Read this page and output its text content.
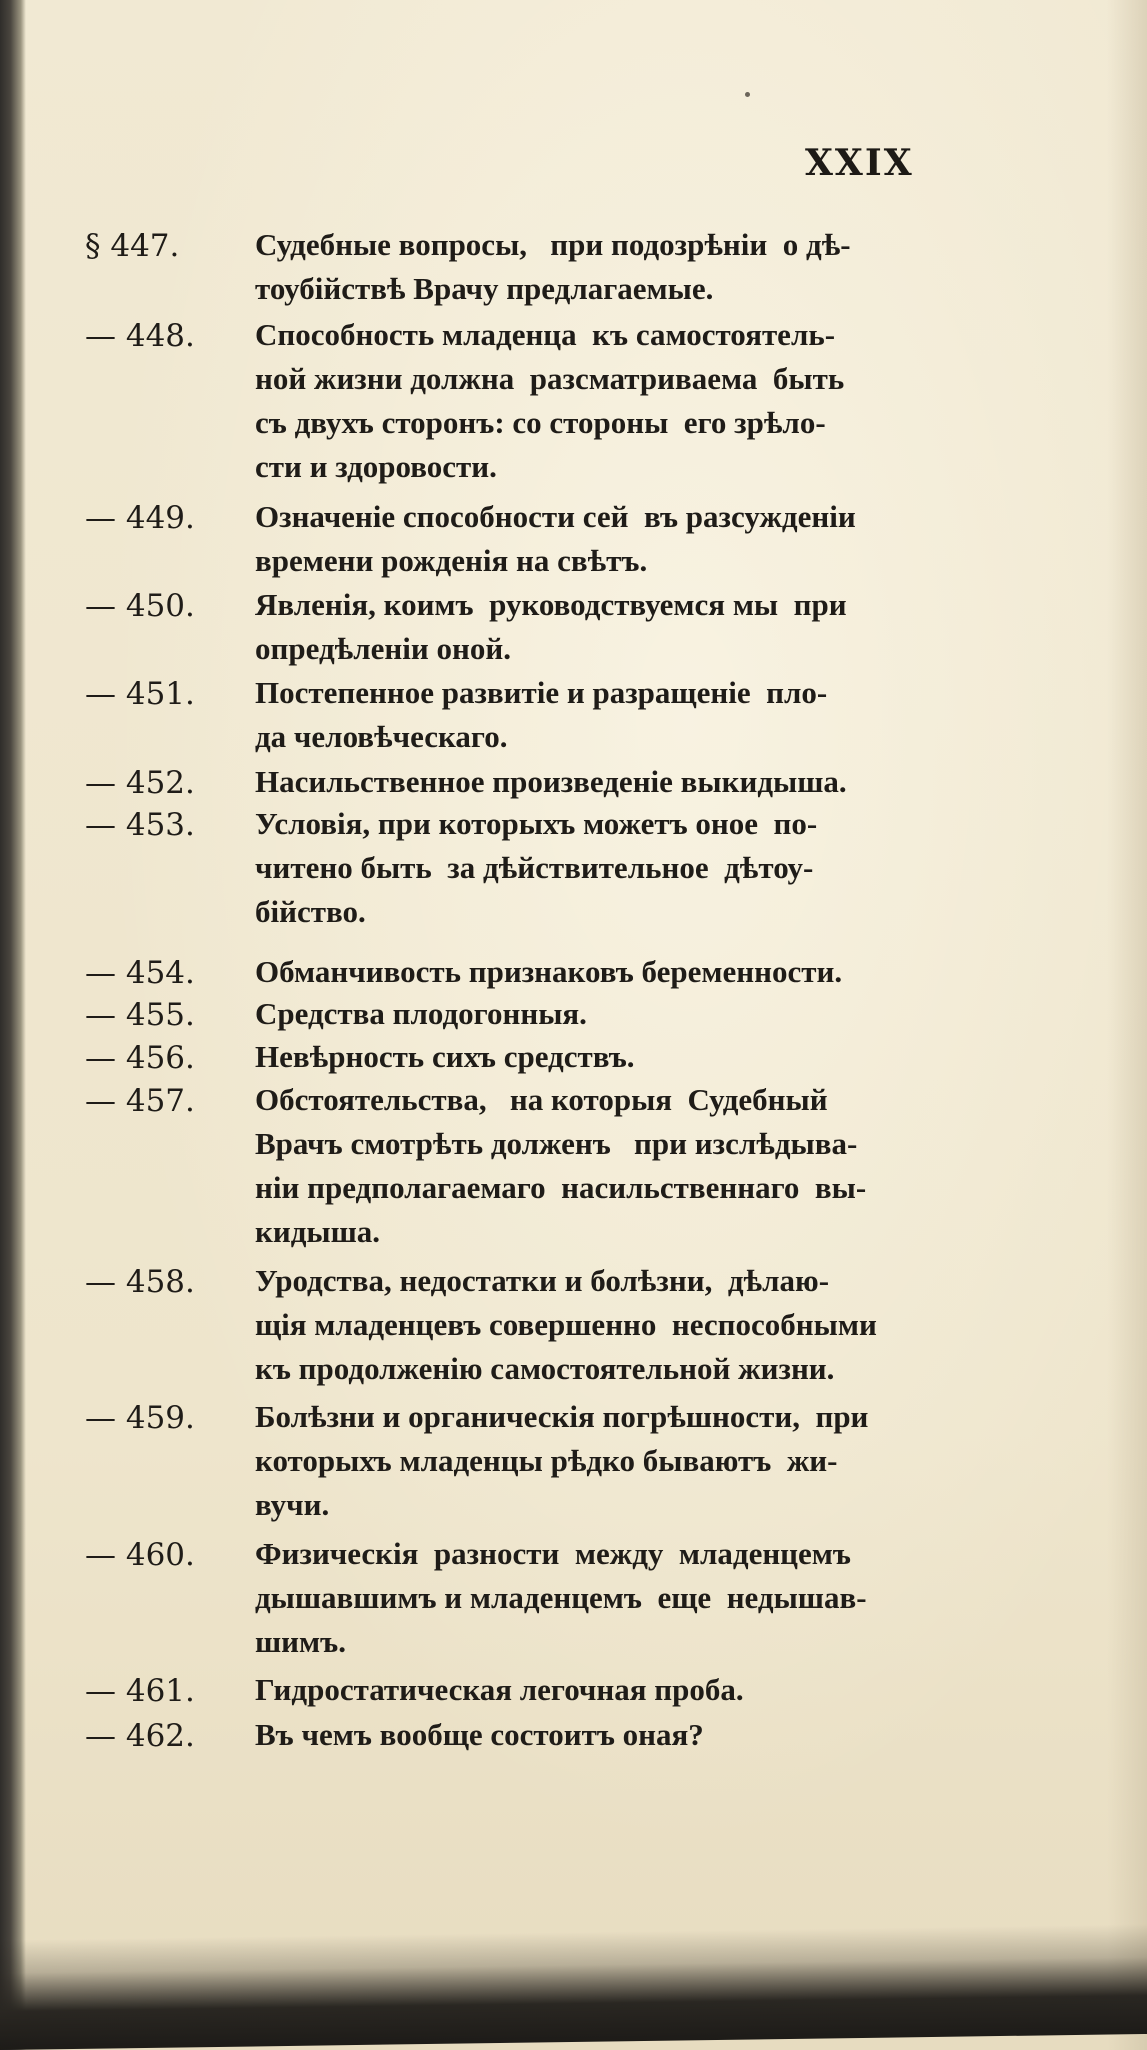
XXIX
§ 447.	Судебные вопросы,   при подозрѣніи  о дѣ-
тоубійствѣ Врачу предлагаемые.
— 448.	Способность младенца  къ самостоятель-
ной жизни должна  разсматриваема  быть
съ двухъ сторонъ: со стороны  его зрѣло-
сти и здоровости.
— 449.	Означеніе способности сей  въ разсужденіи
времени рожденія на свѣтъ.
— 450.	Явленія, коимъ  руководствуемся мы  при
опредѣленіи оной.
— 451.	Постепенное развитіе и разращеніе  пло-
да человѣческаго.
— 452.	Насильственное произведеніе выкидыша.
— 453.	Условія, при которыхъ можетъ оное  по-
читено быть  за дѣйствительное  дѣтоу-
бійство.
— 454.	Обманчивость признаковъ беременности.
— 455.	Средства плодогонныя.
— 456.	Невѣрность сихъ средствъ.
— 457.	Обстоятельства,   на которыя  Судебный
Врачъ смотрѣть долженъ   при изслѣдыва-
ніи предполагаемаго  насильственнаго  вы-
кидыша.
— 458.	Уродства, недостатки и болѣзни,  дѣлаю-
щія младенцевъ совершенно  неспособными
къ продолженію самостоятельной жизни.
— 459.	Болѣзни и органическія погрѣшности,  при
которыхъ младенцы рѣдко бываютъ  жи-
вучи.
— 460.	Физическія  разности  между  младенцемъ
дышавшимъ и младенцемъ  еще  недышав-
шимъ.
— 461.	Гидростатическая легочная проба.
— 462.	Въ чемъ вообще состоитъ оная?
